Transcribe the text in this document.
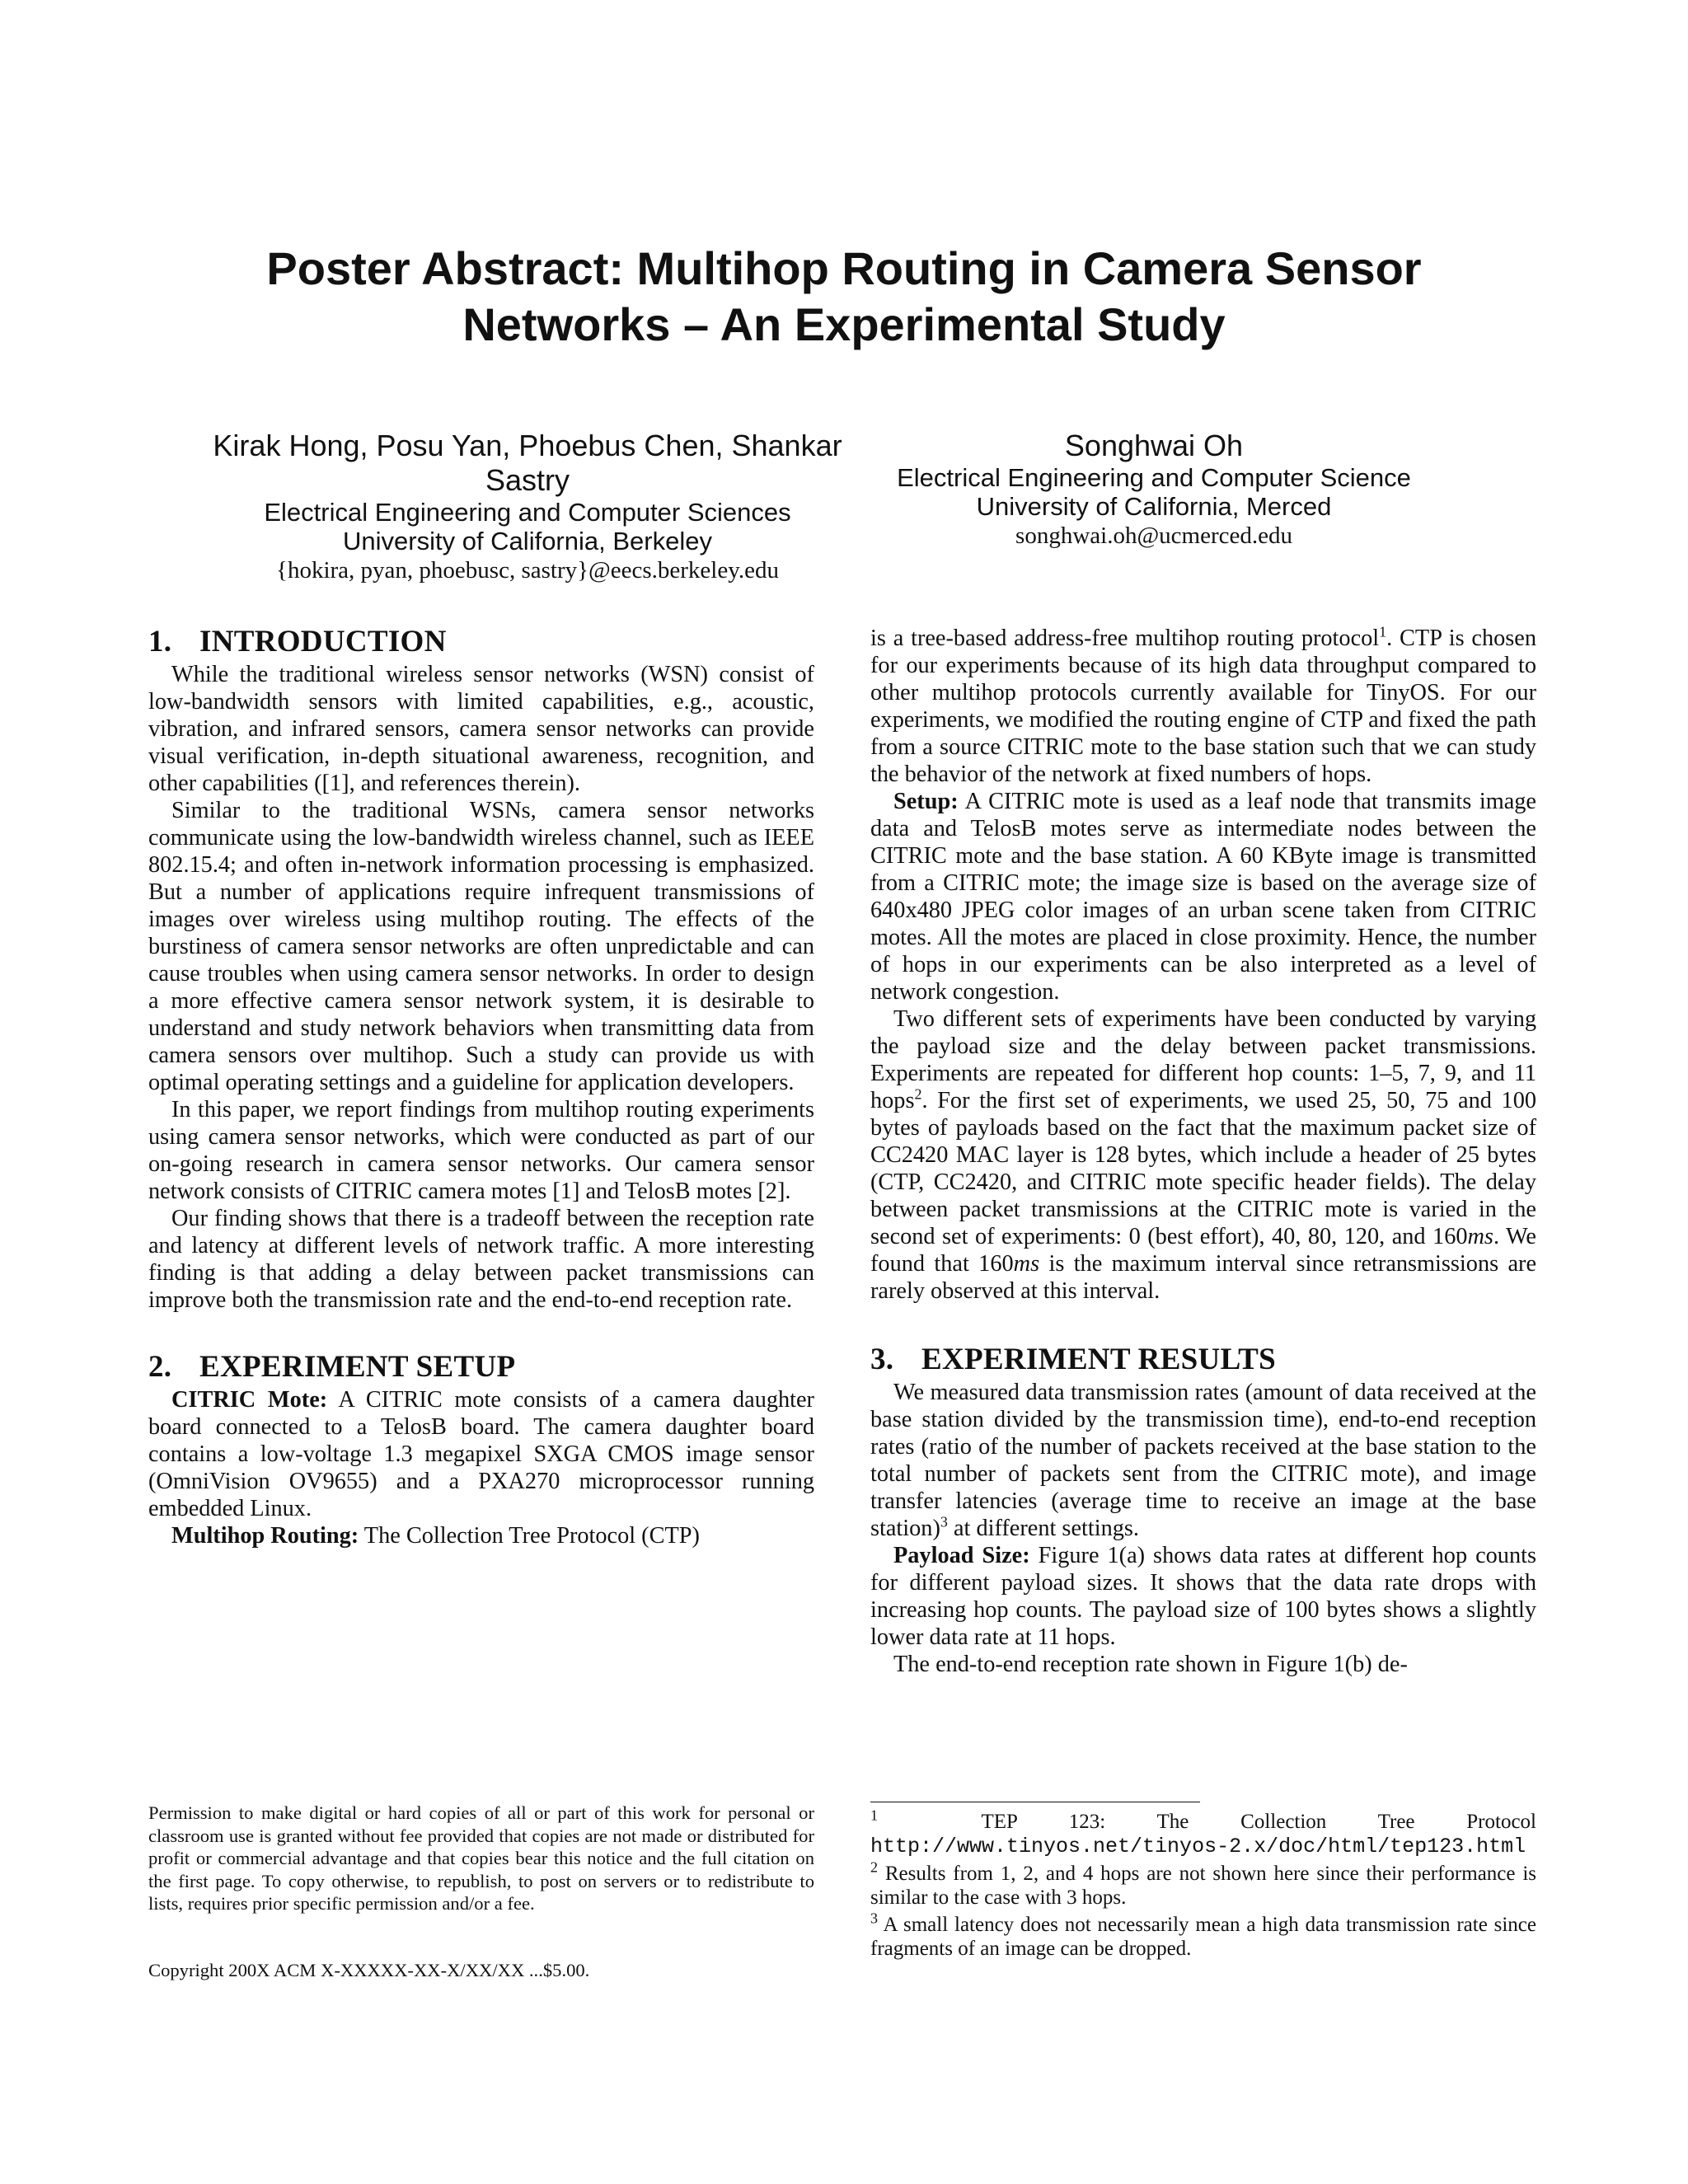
Poster Abstract: Multihop Routing in Camera Sensor Networks – An Experimental Study

Kirak Hong, Posu Yan, Phoebus Chen, Shankar Sastry

Electrical Engineering and Computer Sciences

University of California, Berkeley

{hokira, pyan, phoebusc, sastry}@eecs.berkeley.edu

Songhwai Oh

Electrical Engineering and Computer Science

University of California, Merced

songhwai.oh@ucmerced.edu

1. INTRODUCTION

While the traditional wireless sensor networks (WSN) consist of low-bandwidth sensors with limited capabilities, e.g., acoustic, vibration, and infrared sensors, camera sensor networks can provide visual verification, in-depth situational awareness, recognition, and other capabilities ([1], and references therein).

Similar to the traditional WSNs, camera sensor networks communicate using the low-bandwidth wireless channel, such as IEEE 802.15.4; and often in-network information processing is emphasized. But a number of applications require infrequent transmissions of images over wireless using multihop routing. The effects of the burstiness of camera sensor networks are often unpredictable and can cause troubles when using camera sensor networks. In order to design a more effective camera sensor network system, it is desirable to understand and study network behaviors when transmitting data from camera sensors over multihop. Such a study can provide us with optimal operating settings and a guideline for application developers.

In this paper, we report findings from multihop routing experiments using camera sensor networks, which were conducted as part of our on-going research in camera sensor networks. Our camera sensor network consists of CITRIC camera motes [1] and TelosB motes [2].

Our finding shows that there is a tradeoff between the reception rate and latency at different levels of network traffic. A more interesting finding is that adding a delay between packet transmissions can improve both the transmission rate and the end-to-end reception rate.

2. EXPERIMENT SETUP

CITRIC Mote: A CITRIC mote consists of a camera daughter board connected to a TelosB board. The camera daughter board contains a low-voltage 1.3 megapixel SXGA CMOS image sensor (OmniVision OV9655) and a PXA270 microprocessor running embedded Linux.

Multihop Routing: The Collection Tree Protocol (CTP)

is a tree-based address-free multihop routing protocol$^1$. CTP is chosen for our experiments because of its high data throughput compared to other multihop protocols currently available for TinyOS. For our experiments, we modified the routing engine of CTP and fixed the path from a source CITRIC mote to the base station such that we can study the behavior of the network at fixed numbers of hops.

Setup: A CITRIC mote is used as a leaf node that transmits image data and TelosB motes serve as intermediate nodes between the CITRIC mote and the base station. A 60 KByte image is transmitted from a CITRIC mote; the image size is based on the average size of 640x480 JPEG color images of an urban scene taken from CITRIC motes. All the motes are placed in close proximity. Hence, the number of hops in our experiments can be also interpreted as a level of network congestion.

Two different sets of experiments have been conducted by varying the payload size and the delay between packet transmissions. Experiments are repeated for different hop counts: 1–5, 7, 9, and 11 hops$^2$. For the first set of experiments, we used 25, 50, 75 and 100 bytes of payloads based on the fact that the maximum packet size of CC2420 MAC layer is 128 bytes, which include a header of 25 bytes (CTP, CC2420, and CITRIC mote specific header fields). The delay between packet transmissions at the CITRIC mote is varied in the second set of experiments: 0 (best effort), 40, 80, 120, and 160ms. We found that 160ms is the maximum interval since retransmissions are rarely observed at this interval.

3. EXPERIMENT RESULTS

We measured data transmission rates (amount of data received at the base station divided by the transmission time), end-to-end reception rates (ratio of the number of packets received at the base station to the total number of packets sent from the CITRIC mote), and image transfer latencies (average time to receive an image at the base station)$^3$ at different settings.

Payload Size: Figure 1(a) shows data rates at different hop counts for different payload sizes. It shows that the data rate drops with increasing hop counts. The payload size of 100 bytes shows a slightly lower data rate at 11 hops.

The end-to-end reception rate shown in Figure 1(b) de-

Permission to make digital or hard copies of all or part of this work for personal or classroom use is granted without fee provided that copies are not made or distributed for profit or commercial advantage and that copies bear this notice and the full citation on the first page. To copy otherwise, to republish, to post on servers or to redistribute to lists, requires prior specific permission and/or a fee.

Copyright 200X ACM X-XXXXX-XX-X/XX/XX ...$5.00.

$^1$	TEP 123: The Collection Tree Protocol http://www.tinyos.net/tinyos-2.x/doc/html/tep123.html

$^2$ Results from 1, 2, and 4 hops are not shown here since their performance is similar to the case with 3 hops.

$^3$ A small latency does not necessarily mean a high data transmission rate since fragments of an image can be dropped.
